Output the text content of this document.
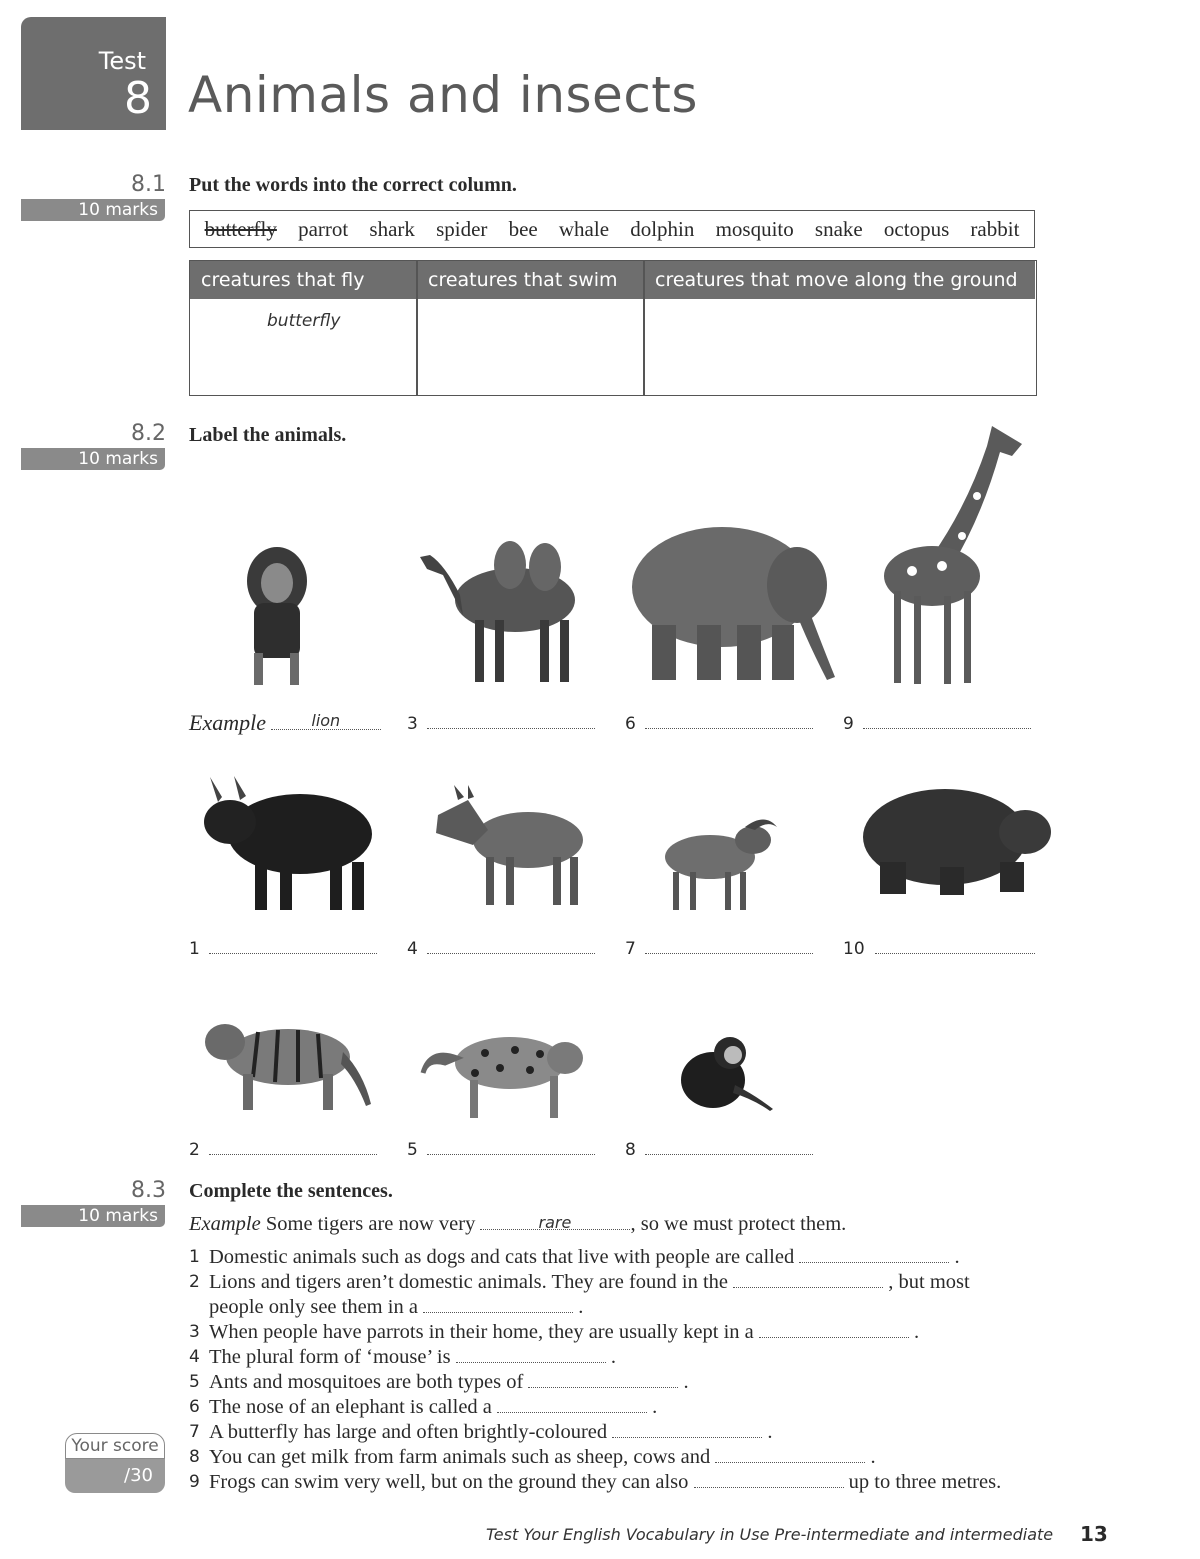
Test
8 Animals and insects
8.1
10 marks
Put the words into the correct column.
butterfly parrot shark spider bee whale dolphin mosquito snake octopus rabbit
creatures that fly	creatures that swim	creatures that move along the ground
butterfly
8.2
10 marks
Label the animals.
Example	lion	3	6	9
1	4	7	10
2	5	8
8.3
10 marks
Complete the sentences.
Example Some tigers are now very	rare	, so we must protect them.
1 Domestic animals such as dogs and cats that live with people are called	.
2 Lions and tigers aren’t domestic animals. They are found in the	, but most
people only see them in a	.
3 When people have parrots in their home, they are usually kept in a	.
4 The plural form of ‘mouse’ is	.
5 Ants and mosquitoes are both types of	.
6 The nose of an elephant is called a	.
7 A butterfly has large and often brightly-coloured	.
8 You can get milk from farm animals such as sheep, cows and	.
9 Frogs can swim very well, but on the ground they can also	up to three metres.
Your score
/30
Test Your English Vocabulary in Use Pre-intermediate and intermediate 13
